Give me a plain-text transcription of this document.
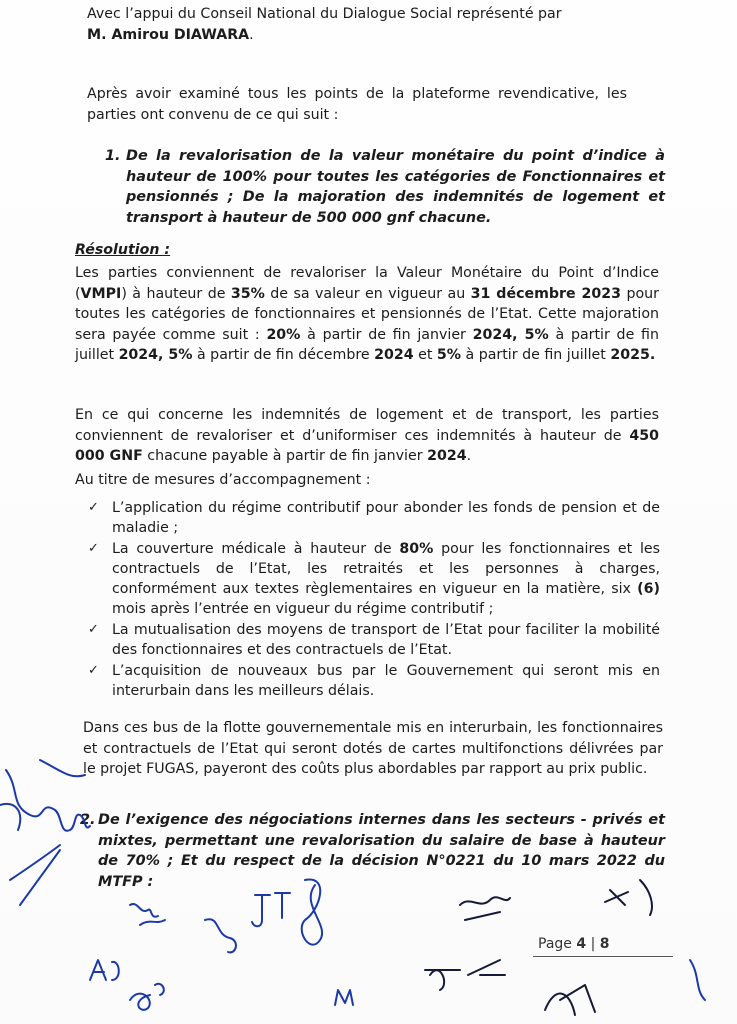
Avec l’appui du Conseil National du Dialogue Social représenté par
M. Amirou DIAWARA.
Après avoir examiné tous les points de la plateforme revendicative, les parties ont convenu de ce qui suit :
1. De la revalorisation de la valeur monétaire du point d’indice à hauteur de 100% pour toutes les catégories de Fonctionnaires et pensionnés ; De la majoration des indemnités de logement et transport à hauteur de 500 000 gnf chacune.
Résolution :
Les parties conviennent de revaloriser la Valeur Monétaire du Point d’Indice (VMPI) à hauteur de 35% de sa valeur en vigueur au 31 décembre 2023 pour toutes les catégories de fonctionnaires et pensionnés de l’Etat. Cette majoration sera payée comme suit : 20% à partir de fin janvier 2024, 5% à partir de fin juillet 2024, 5% à partir de fin décembre 2024 et 5% à partir de fin juillet 2025.
En ce qui concerne les indemnités de logement et de transport, les parties conviennent de revaloriser et d’uniformiser ces indemnités à hauteur de 450 000 GNF chacune payable à partir de fin janvier 2024.
Au titre de mesures d’accompagnement :
✓ L’application du régime contributif pour abonder les fonds de pension et de maladie ;
✓ La couverture médicale à hauteur de 80% pour les fonctionnaires et les contractuels de l’Etat, les retraités et les personnes à charges, conformément aux textes règlementaires en vigueur en la matière, six (6) mois après l’entrée en vigueur du régime contributif ;
✓ La mutualisation des moyens de transport de l’Etat pour faciliter la mobilité des fonctionnaires et des contractuels de l’Etat.
✓ L’acquisition de nouveaux bus par le Gouvernement qui seront mis en interurbain dans les meilleurs délais.
Dans ces bus de la flotte gouvernementale mis en interurbain, les fonctionnaires et contractuels de l’Etat qui seront dotés de cartes multifonctions délivrées par le projet FUGAS, payeront des coûts plus abordables par rapport au prix public.
2. De l’exigence des négociations internes dans les secteurs - privés et mixtes, permettant une revalorisation du salaire de base à hauteur de 70% ; Et du respect de la décision N°0221 du 10 mars 2022 du MTFP :
Page 4 | 8
